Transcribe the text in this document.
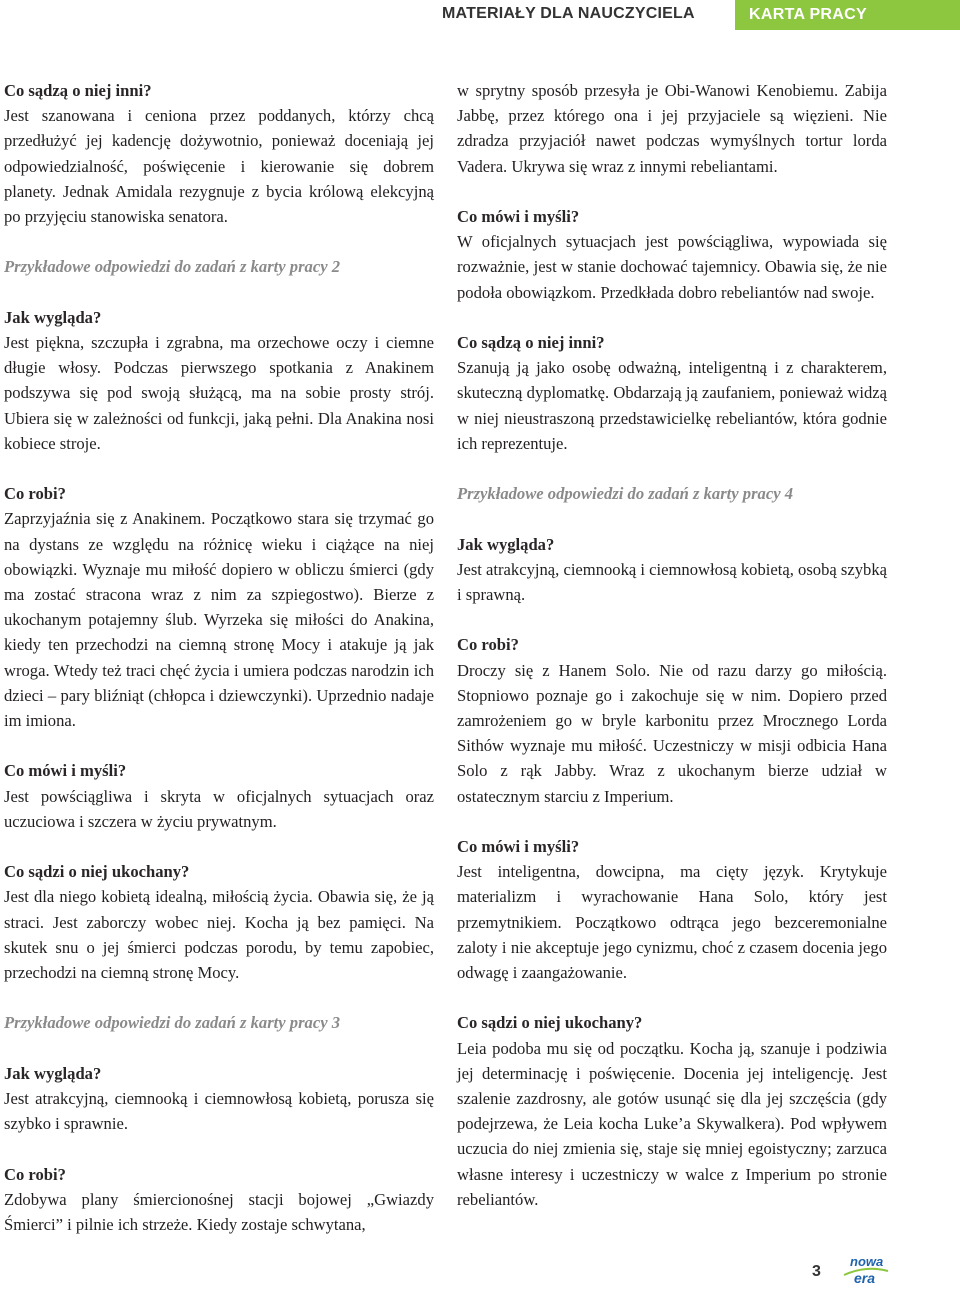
MATERIAŁY DLA NAUCZYCIELA	KARTA PRACY
Co sądzą o niej inni?

Jest szanowana i ceniona przez poddanych, którzy chcą przedłużyć jej kadencję dożywotnio, ponieważ doceniają jej odpowiedzialność, poświęcenie i kierowanie się dobrem planety. Jednak Amidala rezygnuje z bycia królową elekcyjną po przyjęciu stanowiska senatora.

Przykładowe odpowiedzi do zadań z karty pracy 2
Jak wygląda?

Jest piękna, szczupła i zgrabna, ma orzechowe oczy i ciemne długie włosy. Podczas pierwszego spotkania z Anakinem podszywa się pod swoją służącą, ma na sobie prosty strój. Ubiera się w zależności od funkcji, jaką pełni. Dla Anakina nosi kobiece stroje.

Co robi?

Zaprzyjaźnia się z Anakinem. Początkowo stara się trzymać go na dystans ze względu na różnicę wieku i ciążące na niej obowiązki. Wyznaje mu miłość dopiero w obliczu śmierci (gdy ma zostać stracona wraz z nim za szpiegostwo). Bierze z ukochanym potajemny ślub. Wyrzeka się miłości do Anakina, kiedy ten przechodzi na ciemną stronę Mocy i atakuje ją jak wroga. Wtedy też traci chęć życia i umiera podczas narodzin ich dzieci – pary bliźniąt (chłopca i dziewczynki). Uprzednio nadaje im imiona.

Co mówi i myśli?

Jest powściągliwa i skryta w oficjalnych sytuacjach oraz uczuciowa i szczera w życiu prywatnym.

Co sądzi o niej ukochany?

Jest dla niego kobietą idealną, miłością życia. Obawia się, że ją straci. Jest zaborczy wobec niej. Kocha ją bez pamięci. Na skutek snu o jej śmierci podczas porodu, by temu zapobiec, przechodzi na ciemną stronę Mocy.

Przykładowe odpowiedzi do zadań z karty pracy 3
Jak wygląda?

Jest atrakcyjną, ciemnooką i ciemnowłosą kobietą, porusza się szybko i sprawnie.

Co robi?

Zdobywa plany śmiercionośnej stacji bojowej „Gwiazdy Śmierci” i pilnie ich strzeże. Kiedy zostaje schwytana,

w sprytny sposób przesyła je Obi-Wanowi Kenobiemu. Zabija Jabbę, przez którego ona i jej przyjaciele są więzieni. Nie zdradza przyjaciół nawet podczas wymyślnych tortur lorda Vadera. Ukrywa się wraz z innymi rebeliantami.

Co mówi i myśli?

W oficjalnych sytuacjach jest powściągliwa, wypowiada się rozważnie, jest w stanie dochować tajemnicy. Obawia się, że nie podoła obowiązkom. Przedkłada dobro rebeliantów nad swoje.

Co sądzą o niej inni?

Szanują ją jako osobę odważną, inteligentną i z charakterem, skuteczną dyplomatkę. Obdarzają ją zaufaniem, ponieważ widzą w niej nieustraszoną przedstawicielkę rebeliantów, która godnie ich reprezentuje.

Przykładowe odpowiedzi do zadań z karty pracy 4
Jak wygląda?

Jest atrakcyjną, ciemnooką i ciemnowłosą kobietą, osobą szybką i sprawną.

Co robi?

Droczy się z Hanem Solo. Nie od razu darzy go miłością. Stopniowo poznaje go i zakochuje się w nim. Dopiero przed zamrożeniem go w bryle karbonitu przez Mrocznego Lorda Sithów wyznaje mu miłość. Uczestniczy w misji odbicia Hana Solo z rąk Jabby. Wraz z ukochanym bierze udział w ostatecznym starciu z Imperium.

Co mówi i myśli?

Jest inteligentna, dowcipna, ma cięty język. Krytykuje materializm i wyrachowanie Hana Solo, który jest przemytnikiem. Początkowo odtrąca jego bezceremonialne zaloty i nie akceptuje jego cynizmu, choć z czasem docenia jego odwagę i zaangażowanie.

Co sądzi o niej ukochany?

Leia podoba mu się od początku. Kocha ją, szanuje i podziwia jej determinację i poświęcenie. Docenia jej inteligencję. Jest szalenie zazdrosny, ale gotów usunąć się dla jej szczęścia (gdy podejrzewa, że Leia kocha Luke’a Skywalkera). Pod wpływem uczucia do niej zmienia się, staje się mniej egoistyczny; zarzuca własne interesy i uczestniczy w walce z Imperium po stronie rebeliantów.

3
nowa
era
